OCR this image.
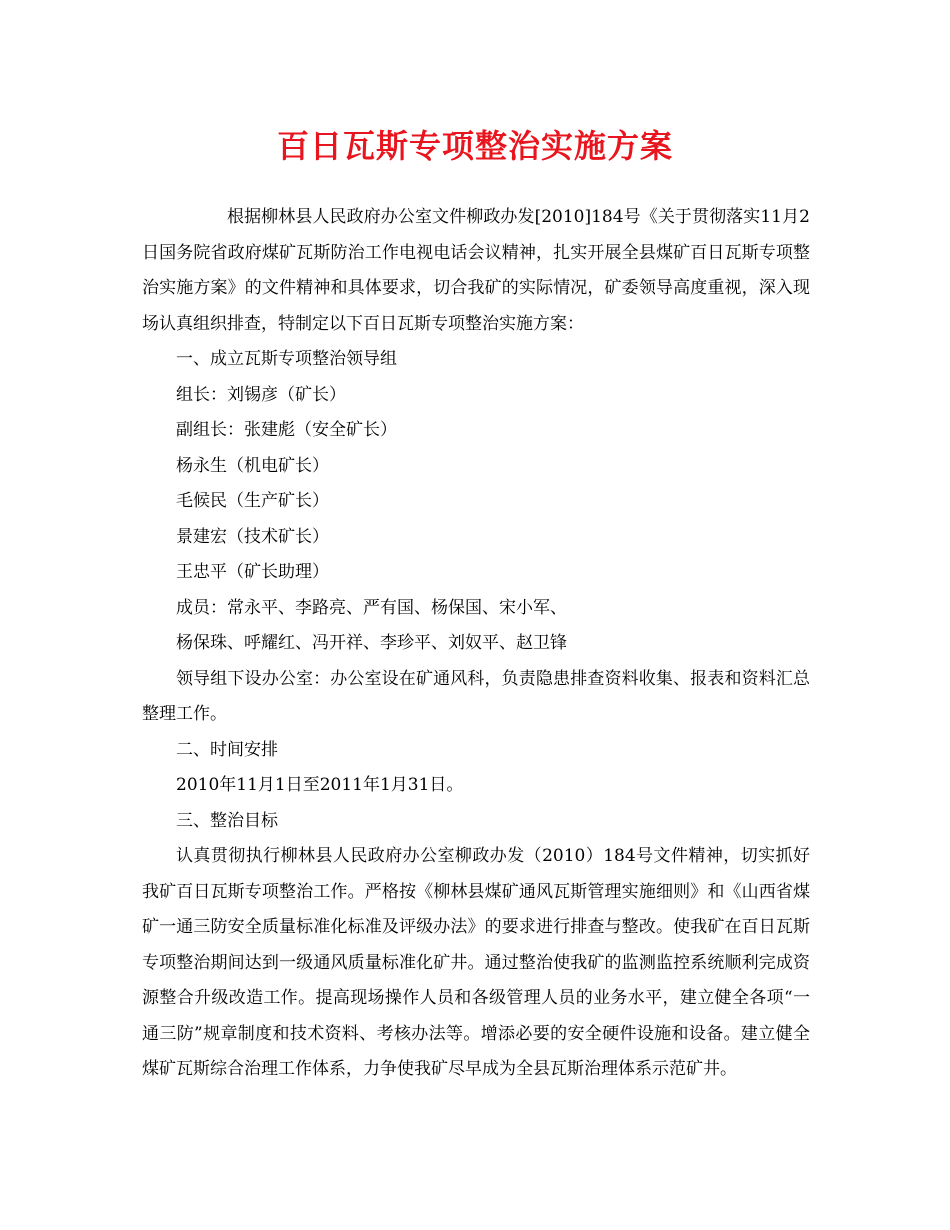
百日瓦斯专项整治实施方案

根据柳林县人民政府办公室文件柳政办发[2010]184号《关于贯彻落实11月2日国务院省政府煤矿瓦斯防治工作电视电话会议精神，扎实开展全县煤矿百日瓦斯专项整治实施方案》的文件精神和具体要求，切合我矿的实际情况，矿委领导高度重视，深入现场认真组织排查，特制定以下百日瓦斯专项整治实施方案：

一、成立瓦斯专项整治领导组

组长：刘锡彦（矿长）

副组长：张建彪（安全矿长）

杨永生（机电矿长）

毛候民（生产矿长）

景建宏（技术矿长）

王忠平（矿长助理）

成员：常永平、李路亮、严有国、杨保国、宋小军、

杨保珠、呼耀红、冯开祥、李珍平、刘奴平、赵卫锋

领导组下设办公室：办公室设在矿通风科，负责隐患排查资料收集、报表和资料汇总整理工作。

二、时间安排

2010年11月1日至2011年1月31日。

三、整治目标

认真贯彻执行柳林县人民政府办公室柳政办发（2010）184号文件精神，切实抓好我矿百日瓦斯专项整治工作。严格按《柳林县煤矿通风瓦斯管理实施细则》和《山西省煤矿一通三防安全质量标准化标准及评级办法》的要求进行排查与整改。使我矿在百日瓦斯专项整治期间达到一级通风质量标准化矿井。通过整治使我矿的监测监控系统顺利完成资源整合升级改造工作。提高现场操作人员和各级管理人员的业务水平，建立健全各项“一通三防”规章制度和技术资料、考核办法等。增添必要的安全硬件设施和设备。建立健全煤矿瓦斯综合治理工作体系，力争使我矿尽早成为全县瓦斯治理体系示范矿井。
